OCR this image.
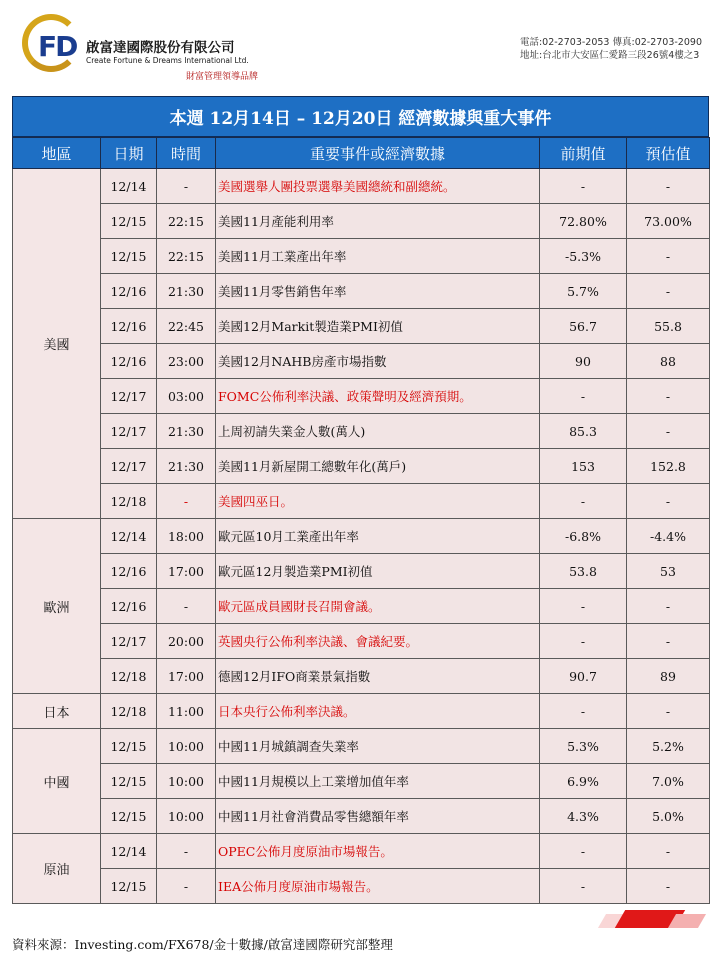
FD 啟富達國際股份有限公司
Create Fortune & Dreams International Ltd.
財富管理領導品牌
電話:02-2703-2053 傳真:02-2703-2090
地址:台北市大安區仁愛路三段26號4樓之3
本週 12月14日 – 12月20日 經濟數據與重大事件
地區	日期	時間	重要事件或經濟數據	前期值	預估值
美國	12/14	-	美國選舉人團投票選舉美國總統和副總統。	-	-
	12/15	22:15	美國11月產能利用率	72.80%	73.00%
	12/15	22:15	美國11月工業產出年率	-5.3%	-
	12/16	21:30	美國11月零售銷售年率	5.7%	-
	12/16	22:45	美國12月Markit製造業PMI初值	56.7	55.8
	12/16	23:00	美國12月NAHB房產市場指數	90	88
	12/17	03:00	FOMC公佈利率決議、政策聲明及經濟預期。	-	-
	12/17	21:30	上周初請失業金人數(萬人)	85.3	-
	12/17	21:30	美國11月新屋開工總數年化(萬戶)	153	152.8
	12/18	-	美國四巫日。	-	-
歐洲	12/14	18:00	歐元區10月工業產出年率	-6.8%	-4.4%
	12/16	17:00	歐元區12月製造業PMI初值	53.8	53
	12/16	-	歐元區成員國財長召開會議。	-	-
	12/17	20:00	英國央行公佈利率決議、會議紀要。	-	-
	12/18	17:00	德國12月IFO商業景氣指數	90.7	89
日本	12/18	11:00	日本央行公佈利率決議。	-	-
中國	12/15	10:00	中國11月城鎮調查失業率	5.3%	5.2%
	12/15	10:00	中國11月規模以上工業增加值年率	6.9%	7.0%
	12/15	10:00	中國11月社會消費品零售總額年率	4.3%	5.0%
原油	12/14	-	OPEC公佈月度原油市場報告。	-	-
	12/15	-	IEA公佈月度原油市場報告。	-	-
資料來源：Investing.com/FX678/金十數據/啟富達國際研究部整理
